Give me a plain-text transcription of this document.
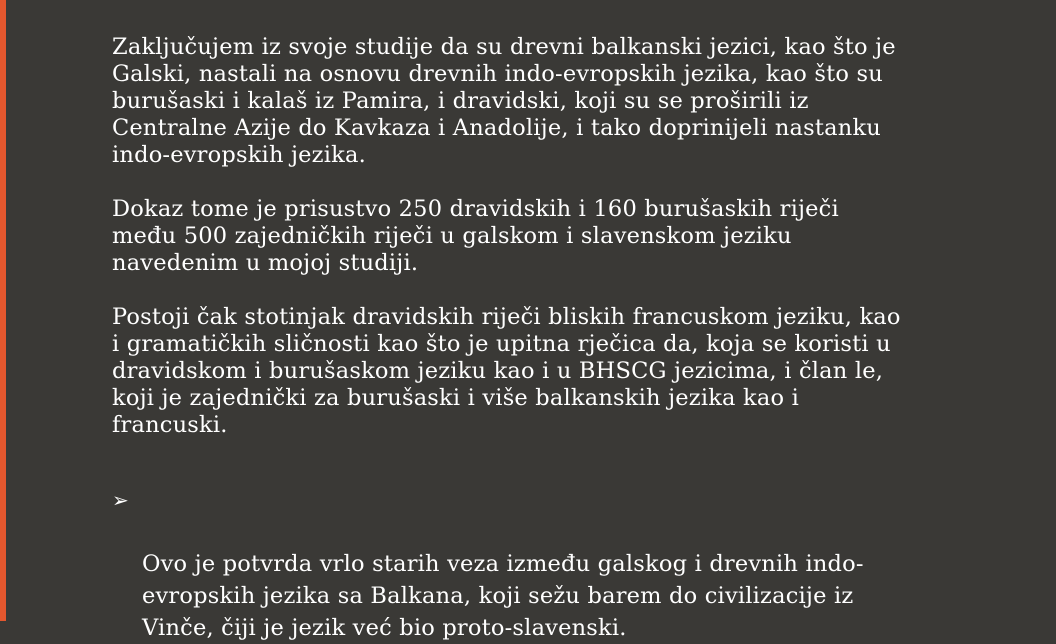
Zaključujem iz svoje studije da su drevni balkanski jezici, kao što je
Galski, nastali na osnovu drevnih indo-evropskih jezika, kao što su
burušaski i kalaš iz Pamira, i dravidski, koji su se proširili iz
Centralne Azije do Kavkaza i Anadolije, i tako doprinijeli nastanku
indo-evropskih jezika.

Dokaz tome je prisustvo 250 dravidskih i 160 burušaskih riječi
među 500 zajedničkih riječi u galskom i slavenskom jeziku
navedenim u mojoj studiji.

Postoji čak stotinjak dravidskih riječi bliskih francuskom jeziku, kao
i gramatičkih sličnosti kao što je upitna rječica da, koja se koristi u
dravidskom i burušaskom jeziku kao i u BHSCG jezicima, i član le,
koji je zajednički za burušaski i više balkanskih jezika kao i
francuski.

➢

Ovo je potvrda vrlo starih veza između galskog i drevnih indo-
evropskih jezika sa Balkana, koji sežu barem do civilizacije iz
Vinče, čiji je jezik već bio proto-slavenski.
